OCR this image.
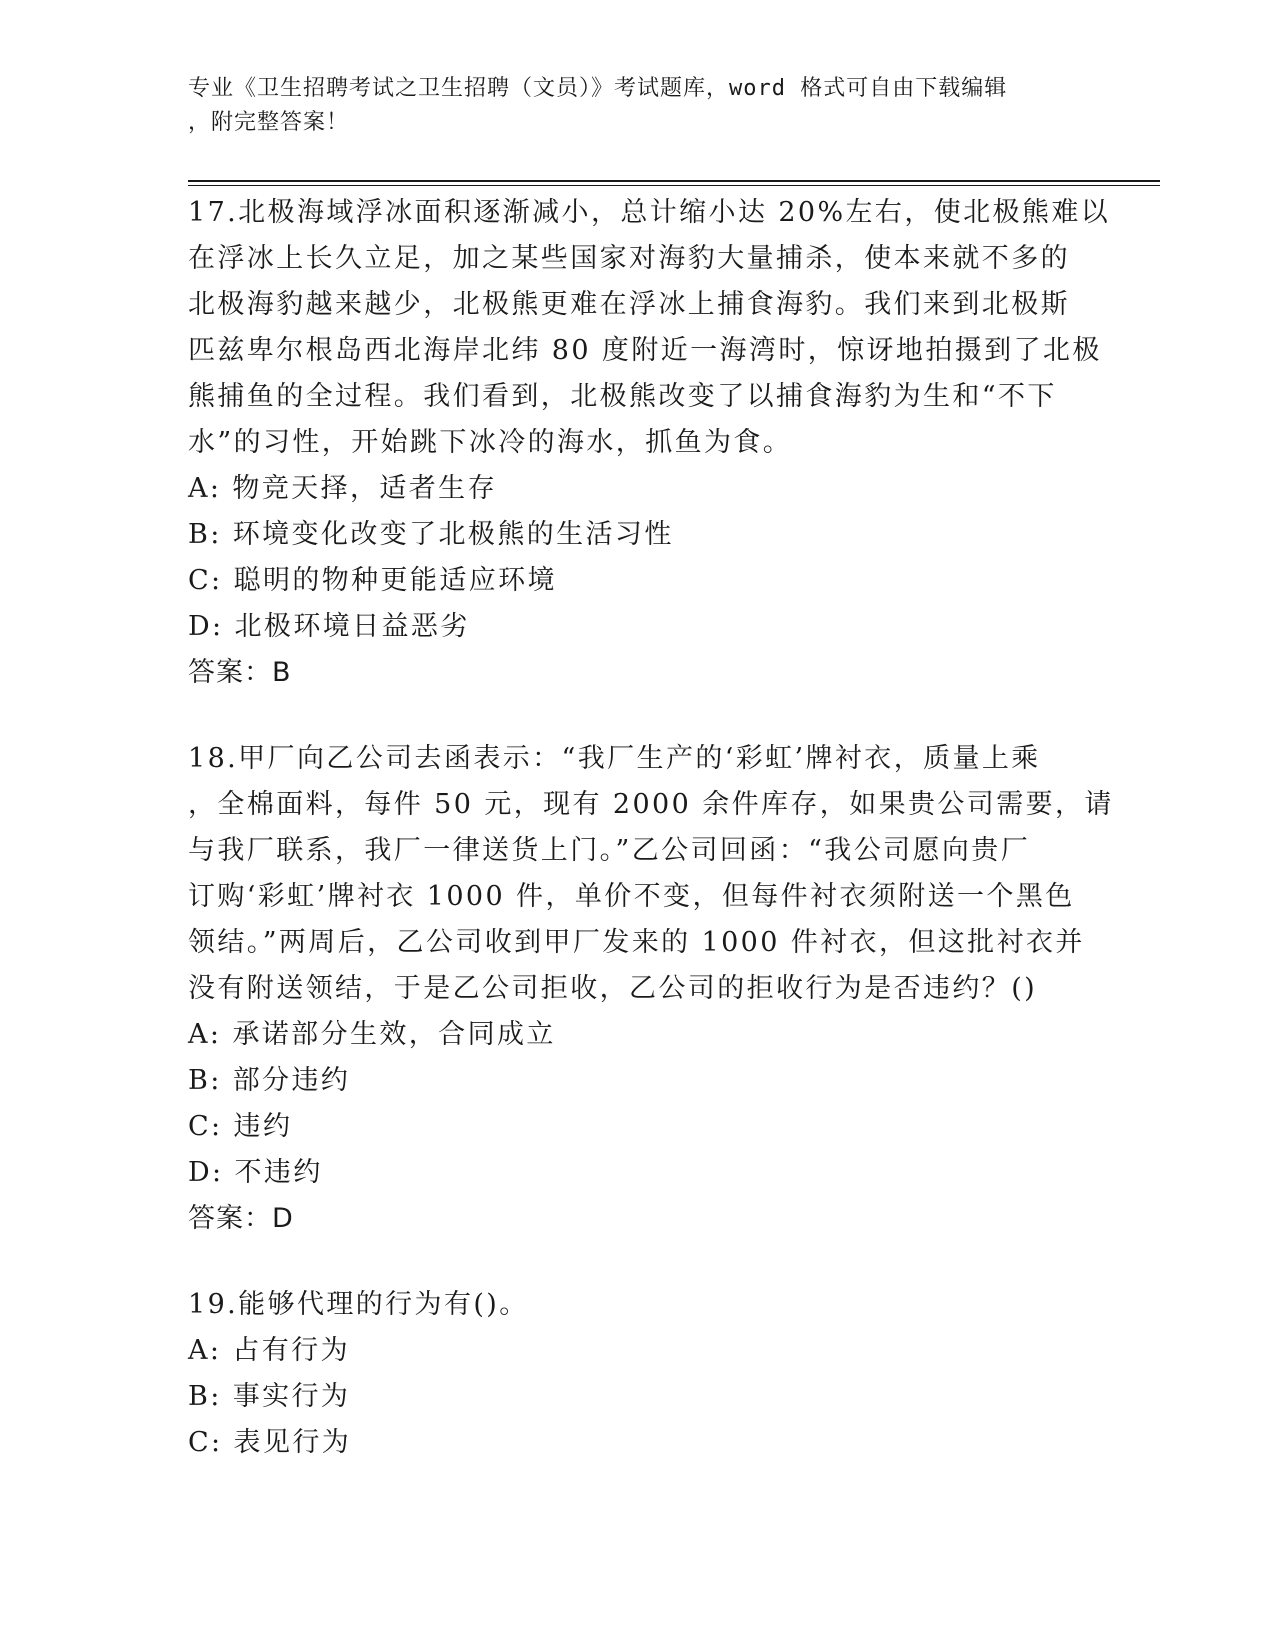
专业《卫生招聘考试之卫生招聘（文员）》考试题库，word 格式可自由下载编辑
，附完整答案！
17.北极海域浮冰面积逐渐减小，总计缩小达 20%左右，使北极熊难以
在浮冰上长久立足，加之某些国家对海豹大量捕杀，使本来就不多的
北极海豹越来越少，北极熊更难在浮冰上捕食海豹。我们来到北极斯
匹兹卑尔根岛西北海岸北纬 80 度附近一海湾时，惊讶地拍摄到了北极
熊捕鱼的全过程。我们看到，北极熊改变了以捕食海豹为生和“不下
水”的习性，开始跳下冰冷的海水，抓鱼为食。
A: 物竞天择，适者生存
B: 环境变化改变了北极熊的生活习性
C: 聪明的物种更能适应环境
D: 北极环境日益恶劣
答案：B
18.甲厂向乙公司去函表示：“我厂生产的‘彩虹’牌衬衣，质量上乘
，全棉面料，每件 50 元，现有 2000 余件库存，如果贵公司需要，请
与我厂联系，我厂一律送货上门。”乙公司回函：“我公司愿向贵厂
订购‘彩虹’牌衬衣 1000 件，单价不变，但每件衬衣须附送一个黑色
领结。”两周后，乙公司收到甲厂发来的 1000 件衬衣，但这批衬衣并
没有附送领结，于是乙公司拒收，乙公司的拒收行为是否违约？()
A: 承诺部分生效，合同成立
B: 部分违约
C: 违约
D: 不违约
答案：D
19.能够代理的行为有()。
A: 占有行为
B: 事实行为
C: 表见行为
